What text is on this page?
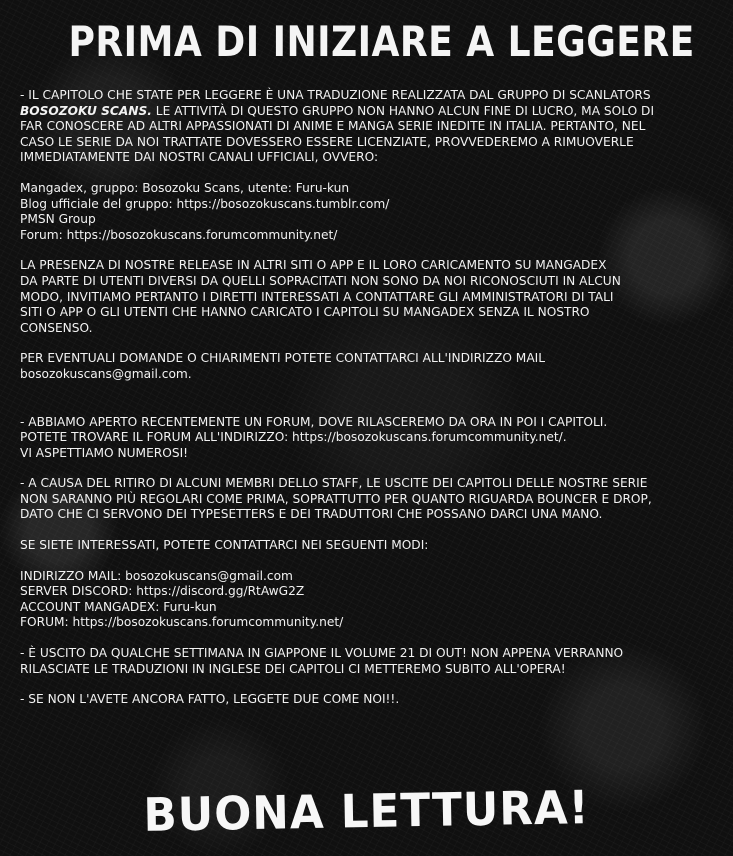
PRIMA DI INIZIARE A LEGGERE
- IL CAPITOLO CHE STATE PER LEGGERE È UNA TRADUZIONE REALIZZATA DAL GRUPPO DI SCANLATORS
BOSOZOKU SCANS. LE ATTIVITÀ DI QUESTO GRUPPO NON HANNO ALCUN FINE DI LUCRO, MA SOLO DI
FAR CONOSCERE AD ALTRI APPASSIONATI DI ANIME E MANGA SERIE INEDITE IN ITALIA. PERTANTO, NEL
CASO LE SERIE DA NOI TRATTATE DOVESSERO ESSERE LICENZIATE, PROVVEDEREMO A RIMUOVERLE
IMMEDIATAMENTE DAI NOSTRI CANALI UFFICIALI, OVVERO:
Mangadex, gruppo: Bosozoku Scans, utente: Furu-kun
Blog ufficiale del gruppo: https://bosozokuscans.tumblr.com/
PMSN Group
Forum: https://bosozokuscans.forumcommunity.net/
LA PRESENZA DI NOSTRE RELEASE IN ALTRI SITI O APP E IL LORO CARICAMENTO SU MANGADEX
DA PARTE DI UTENTI DIVERSI DA QUELLI SOPRACITATI NON SONO DA NOI RICONOSCIUTI IN ALCUN
MODO, INVITIAMO PERTANTO I DIRETTI INTERESSATI A CONTATTARE GLI AMMINISTRATORI DI TALI
SITI O APP O GLI UTENTI CHE HANNO CARICATO I CAPITOLI SU MANGADEX SENZA IL NOSTRO
CONSENSO.
PER EVENTUALI DOMANDE O CHIARIMENTI POTETE CONTATTARCI ALL'INDIRIZZO MAIL
bosozokuscans@gmail.com.
- ABBIAMO APERTO RECENTEMENTE UN FORUM, DOVE RILASCEREMO DA ORA IN POI I CAPITOLI.
POTETE TROVARE IL FORUM ALL'INDIRIZZO: https://bosozokuscans.forumcommunity.net/.
VI ASPETTIAMO NUMEROSI!
- A CAUSA DEL RITIRO DI ALCUNI MEMBRI DELLO STAFF, LE USCITE DEI CAPITOLI DELLE NOSTRE SERIE
NON SARANNO PIÙ REGOLARI COME PRIMA, SOPRATTUTTO PER QUANTO RIGUARDA BOUNCER E DROP,
DATO CHE CI SERVONO DEI TYPESETTERS E DEI TRADUTTORI CHE POSSANO DARCI UNA MANO.
SE SIETE INTERESSATI, POTETE CONTATTARCI NEI SEGUENTI MODI:
INDIRIZZO MAIL: bosozokuscans@gmail.com
SERVER DISCORD: https://discord.gg/RtAwG2Z
ACCOUNT MANGADEX: Furu-kun
FORUM: https://bosozokuscans.forumcommunity.net/
- È USCITO DA QUALCHE SETTIMANA IN GIAPPONE IL VOLUME 21 DI OUT! NON APPENA VERRANNO
RILASCIATE LE TRADUZIONI IN INGLESE DEI CAPITOLI CI METTEREMO SUBITO ALL'OPERA!
- SE NON L'AVETE ANCORA FATTO, LEGGETE DUE COME NOI!!.
BUONA LETTURA!
